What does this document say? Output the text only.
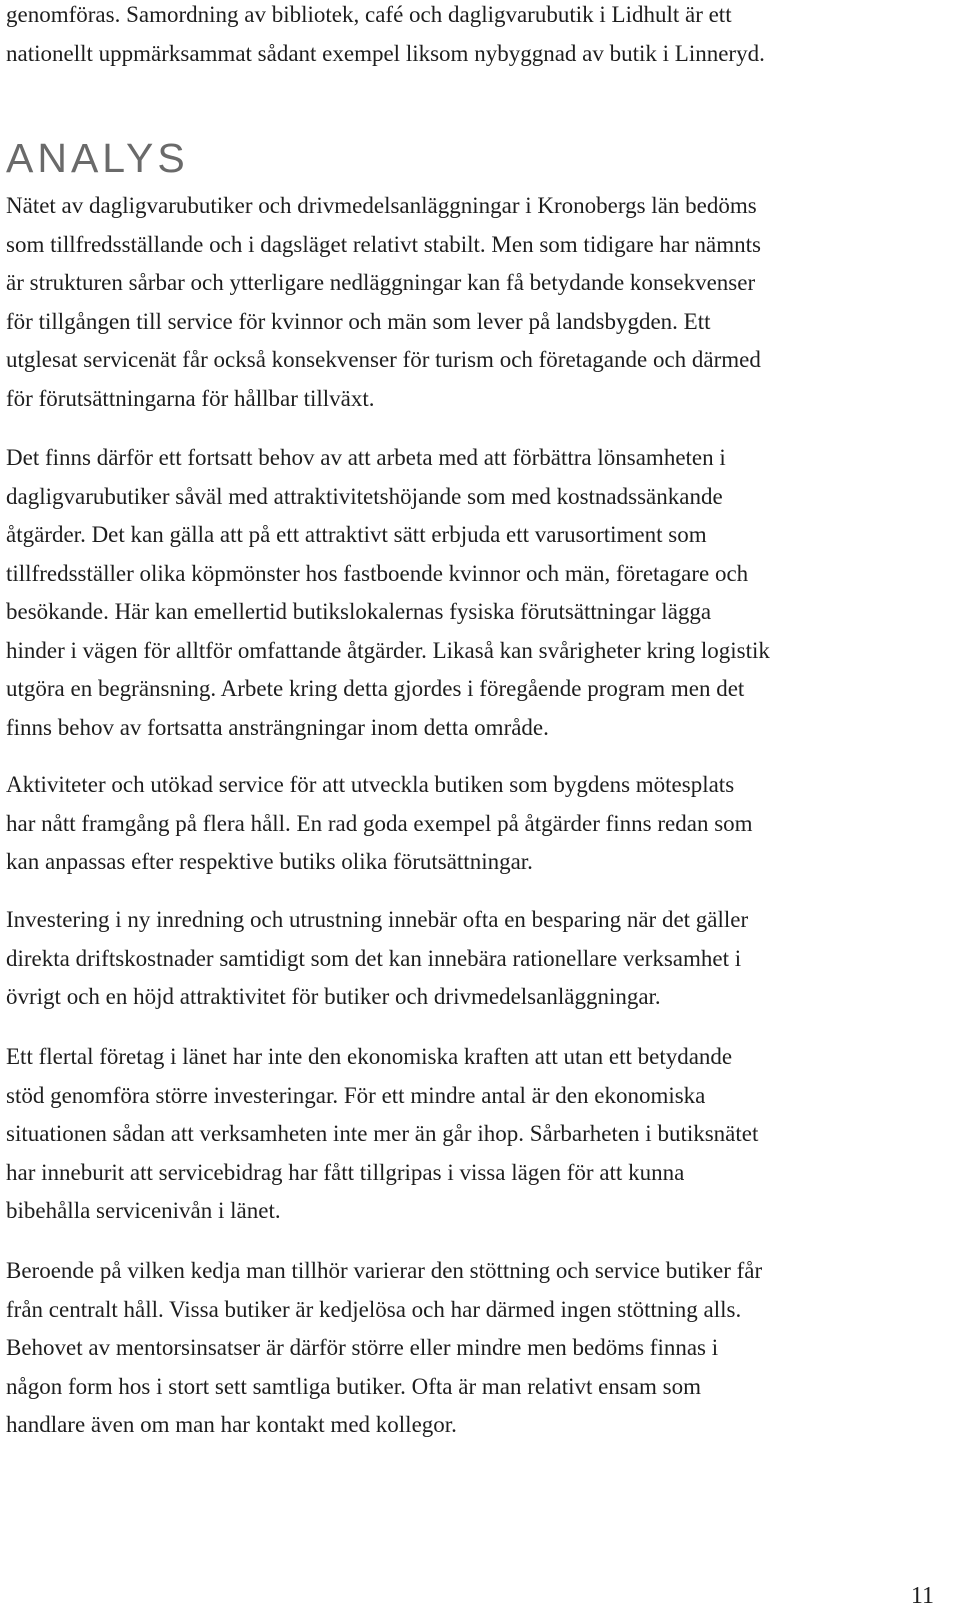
genomföras. Samordning av bibliotek, café och dagligvarubutik i Lidhult är ett
nationellt uppmärksammat sådant exempel liksom nybyggnad av butik i Linneryd.

ANALYS

Nätet av dagligvarubutiker och drivmedelsanläggningar i Kronobergs län bedöms
som tillfredsställande och i dagsläget relativt stabilt. Men som tidigare har nämnts
är strukturen sårbar och ytterligare nedläggningar kan få betydande konsekvenser
för tillgången till service för kvinnor och män som lever på landsbygden. Ett
utglesat servicenät får också konsekvenser för turism och företagande och därmed
för förutsättningarna för hållbar tillväxt.

Det finns därför ett fortsatt behov av att arbeta med att förbättra lönsamheten i
dagligvarubutiker såväl med attraktivitetshöjande som med kostnadssänkande
åtgärder. Det kan gälla att på ett attraktivt sätt erbjuda ett varusortiment som
tillfredsställer olika köpmönster hos fastboende kvinnor och män, företagare och
besökande. Här kan emellertid butikslokalernas fysiska förutsättningar lägga
hinder i vägen för alltför omfattande åtgärder. Likaså kan svårigheter kring logistik
utgöra en begränsning. Arbete kring detta gjordes i föregående program men det
finns behov av fortsatta ansträngningar inom detta område.

Aktiviteter och utökad service för att utveckla butiken som bygdens mötesplats
har nått framgång på flera håll. En rad goda exempel på åtgärder finns redan som
kan anpassas efter respektive butiks olika förutsättningar.

Investering i ny inredning och utrustning innebär ofta en besparing när det gäller
direkta driftskostnader samtidigt som det kan innebära rationellare verksamhet i
övrigt och en höjd attraktivitet för butiker och drivmedelsanläggningar.

Ett flertal företag i länet har inte den ekonomiska kraften att utan ett betydande
stöd genomföra större investeringar. För ett mindre antal är den ekonomiska
situationen sådan att verksamheten inte mer än går ihop. Sårbarheten i butiksnätet
har inneburit att servicebidrag har fått tillgripas i vissa lägen för att kunna
bibehålla servicenivån i länet.

Beroende på vilken kedja man tillhör varierar den stöttning och service butiker får
från centralt håll. Vissa butiker är kedjelösa och har därmed ingen stöttning alls.
Behovet av mentorsinsatser är därför större eller mindre men bedöms finnas i
någon form hos i stort sett samtliga butiker. Ofta är man relativt ensam som
handlare även om man har kontakt med kollegor.

11
